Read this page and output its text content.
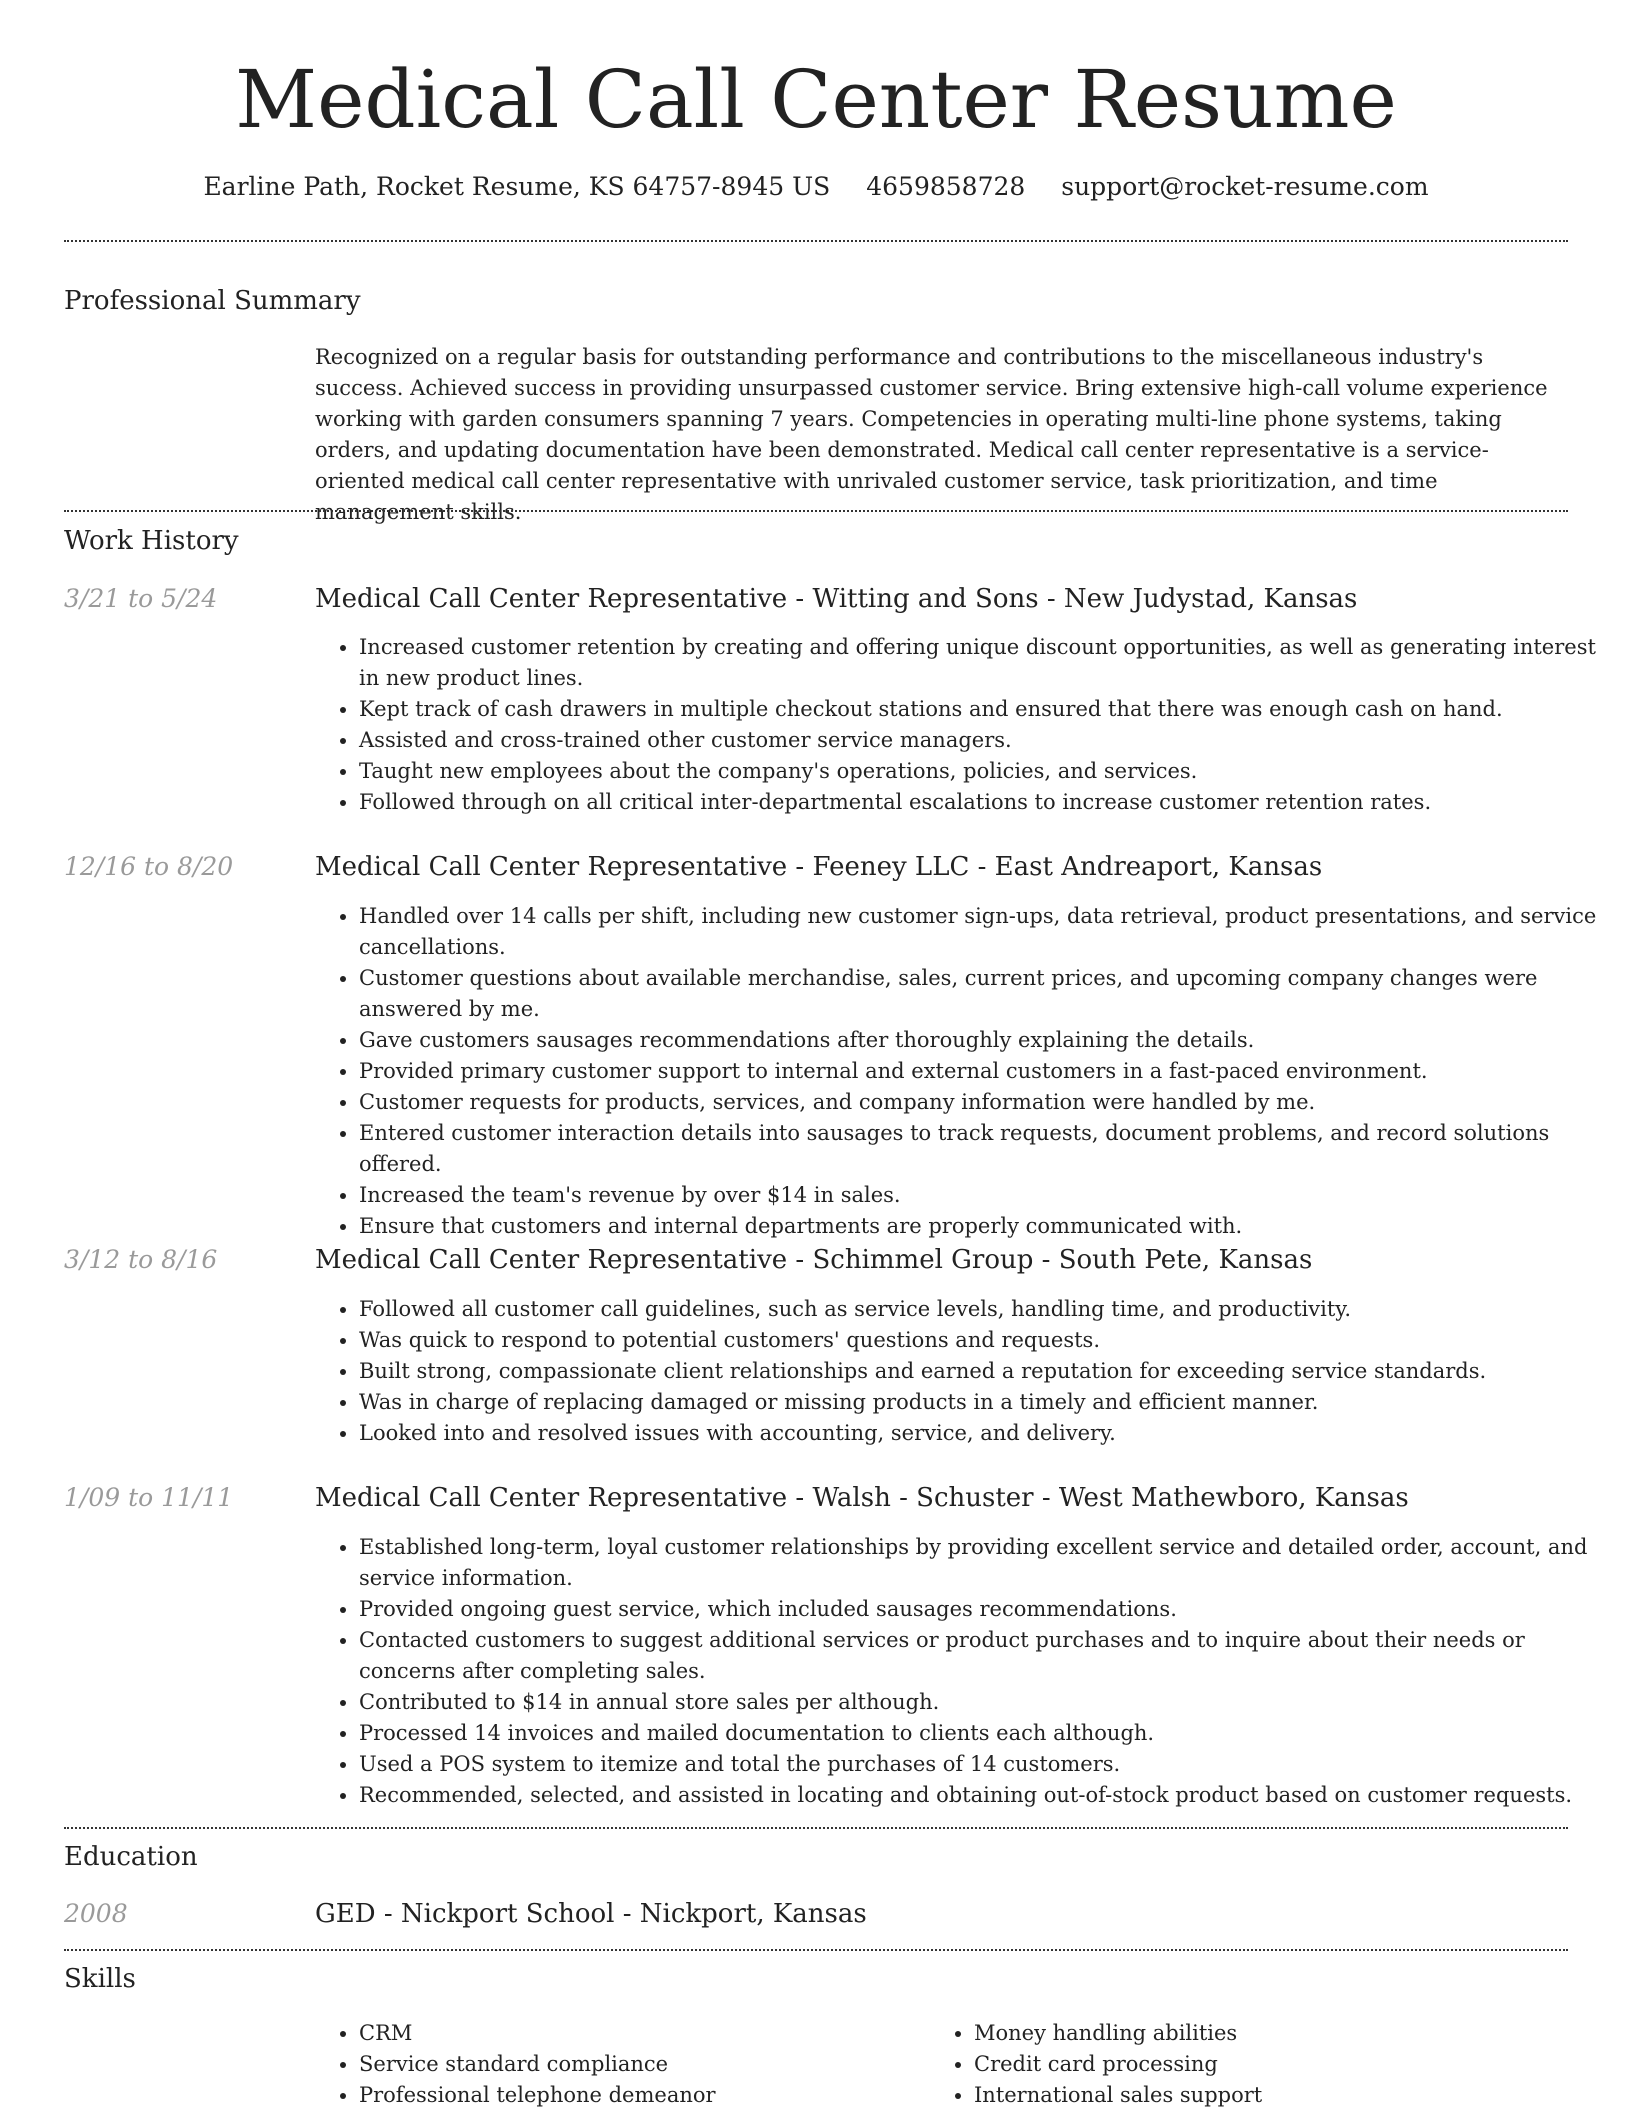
Medical Call Center Resume
Earline Path, Rocket Resume, KS 64757-8945 US 4659858728 support@rocket-resume.com
Professional Summary

Recognized on a regular basis for outstanding performance and contributions to the miscellaneous industry's success. Achieved success in providing unsurpassed customer service. Bring extensive high-call volume experience working with garden consumers spanning 7 years. Competencies in operating multi-line phone systems, taking orders, and updating documentation have been demonstrated. Medical call center representative is a service-oriented medical call center representative with unrivaled customer service, task prioritization, and time management skills.

Work History
3/21 to 5/24	Medical Call Center Representative - Witting and Sons - New Judystad, Kansas
• Increased customer retention by creating and offering unique discount opportunities, as well as generating interest in new product lines.
• Kept track of cash drawers in multiple checkout stations and ensured that there was enough cash on hand.
• Assisted and cross-trained other customer service managers.
• Taught new employees about the company's operations, policies, and services.
• Followed through on all critical inter-departmental escalations to increase customer retention rates.
12/16 to 8/20	Medical Call Center Representative - Feeney LLC - East Andreaport, Kansas
• Handled over 14 calls per shift, including new customer sign-ups, data retrieval, product presentations, and service cancellations.
• Customer questions about available merchandise, sales, current prices, and upcoming company changes were answered by me.
• Gave customers sausages recommendations after thoroughly explaining the details.
• Provided primary customer support to internal and external customers in a fast-paced environment.
• Customer requests for products, services, and company information were handled by me.
• Entered customer interaction details into sausages to track requests, document problems, and record solutions offered.
• Increased the team's revenue by over $14 in sales.
• Ensure that customers and internal departments are properly communicated with.
3/12 to 8/16	Medical Call Center Representative - Schimmel Group - South Pete, Kansas
• Followed all customer call guidelines, such as service levels, handling time, and productivity.
• Was quick to respond to potential customers' questions and requests.
• Built strong, compassionate client relationships and earned a reputation for exceeding service standards.
• Was in charge of replacing damaged or missing products in a timely and efficient manner.
• Looked into and resolved issues with accounting, service, and delivery.
1/09 to 11/11	Medical Call Center Representative - Walsh - Schuster - West Mathewboro, Kansas
• Established long-term, loyal customer relationships by providing excellent service and detailed order, account, and service information.
• Provided ongoing guest service, which included sausages recommendations.
• Contacted customers to suggest additional services or product purchases and to inquire about their needs or concerns after completing sales.
• Contributed to $14 in annual store sales per although.
• Processed 14 invoices and mailed documentation to clients each although.
• Used a POS system to itemize and total the purchases of 14 customers.
• Recommended, selected, and assisted in locating and obtaining out-of-stock product based on customer requests.
Education
2008	GED - Nickport School - Nickport, Kansas
Skills
• CRM
• Service standard compliance
• Professional telephone demeanor
• Money handling abilities
• Credit card processing
• International sales support
